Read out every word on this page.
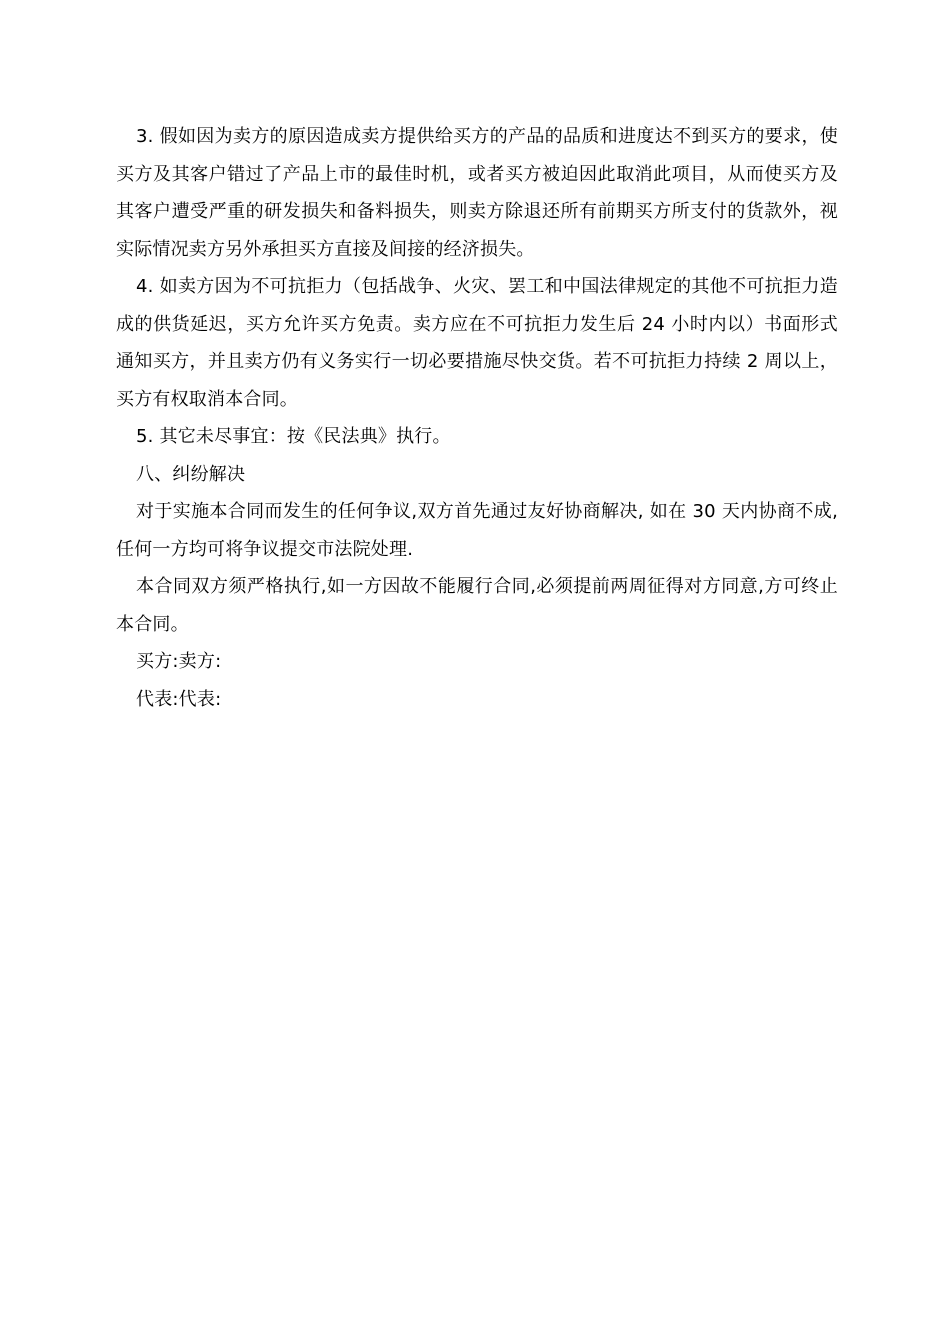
3. 假如因为卖方的原因造成卖方提供给买方的产品的品质和进度达不到买方的要求，使买方及其客户错过了产品上市的最佳时机，或者买方被迫因此取消此项目，从而使买方及其客户遭受严重的研发损失和备料损失，则卖方除退还所有前期买方所支付的货款外，视实际情况卖方另外承担买方直接及间接的经济损失。

4. 如卖方因为不可抗拒力（包括战争、火灾、罢工和中国法律规定的其他不可抗拒力造成的供货延迟，买方允许买方免责。卖方应在不可抗拒力发生后 24 小时内以）书面形式通知买方，并且卖方仍有义务实行一切必要措施尽快交货。若不可抗拒力持续 2 周以上，买方有权取消本合同。

5. 其它未尽事宜：按《民法典》执行。

八、纠纷解决

对于实施本合同而发生的任何争议,双方首先通过友好协商解决, 如在 30 天内协商不成,任何一方均可将争议提交市法院处理.

本合同双方须严格执行,如一方因故不能履行合同,必须提前两周征得对方同意,方可终止本合同。

买方:卖方:

代表:代表:
